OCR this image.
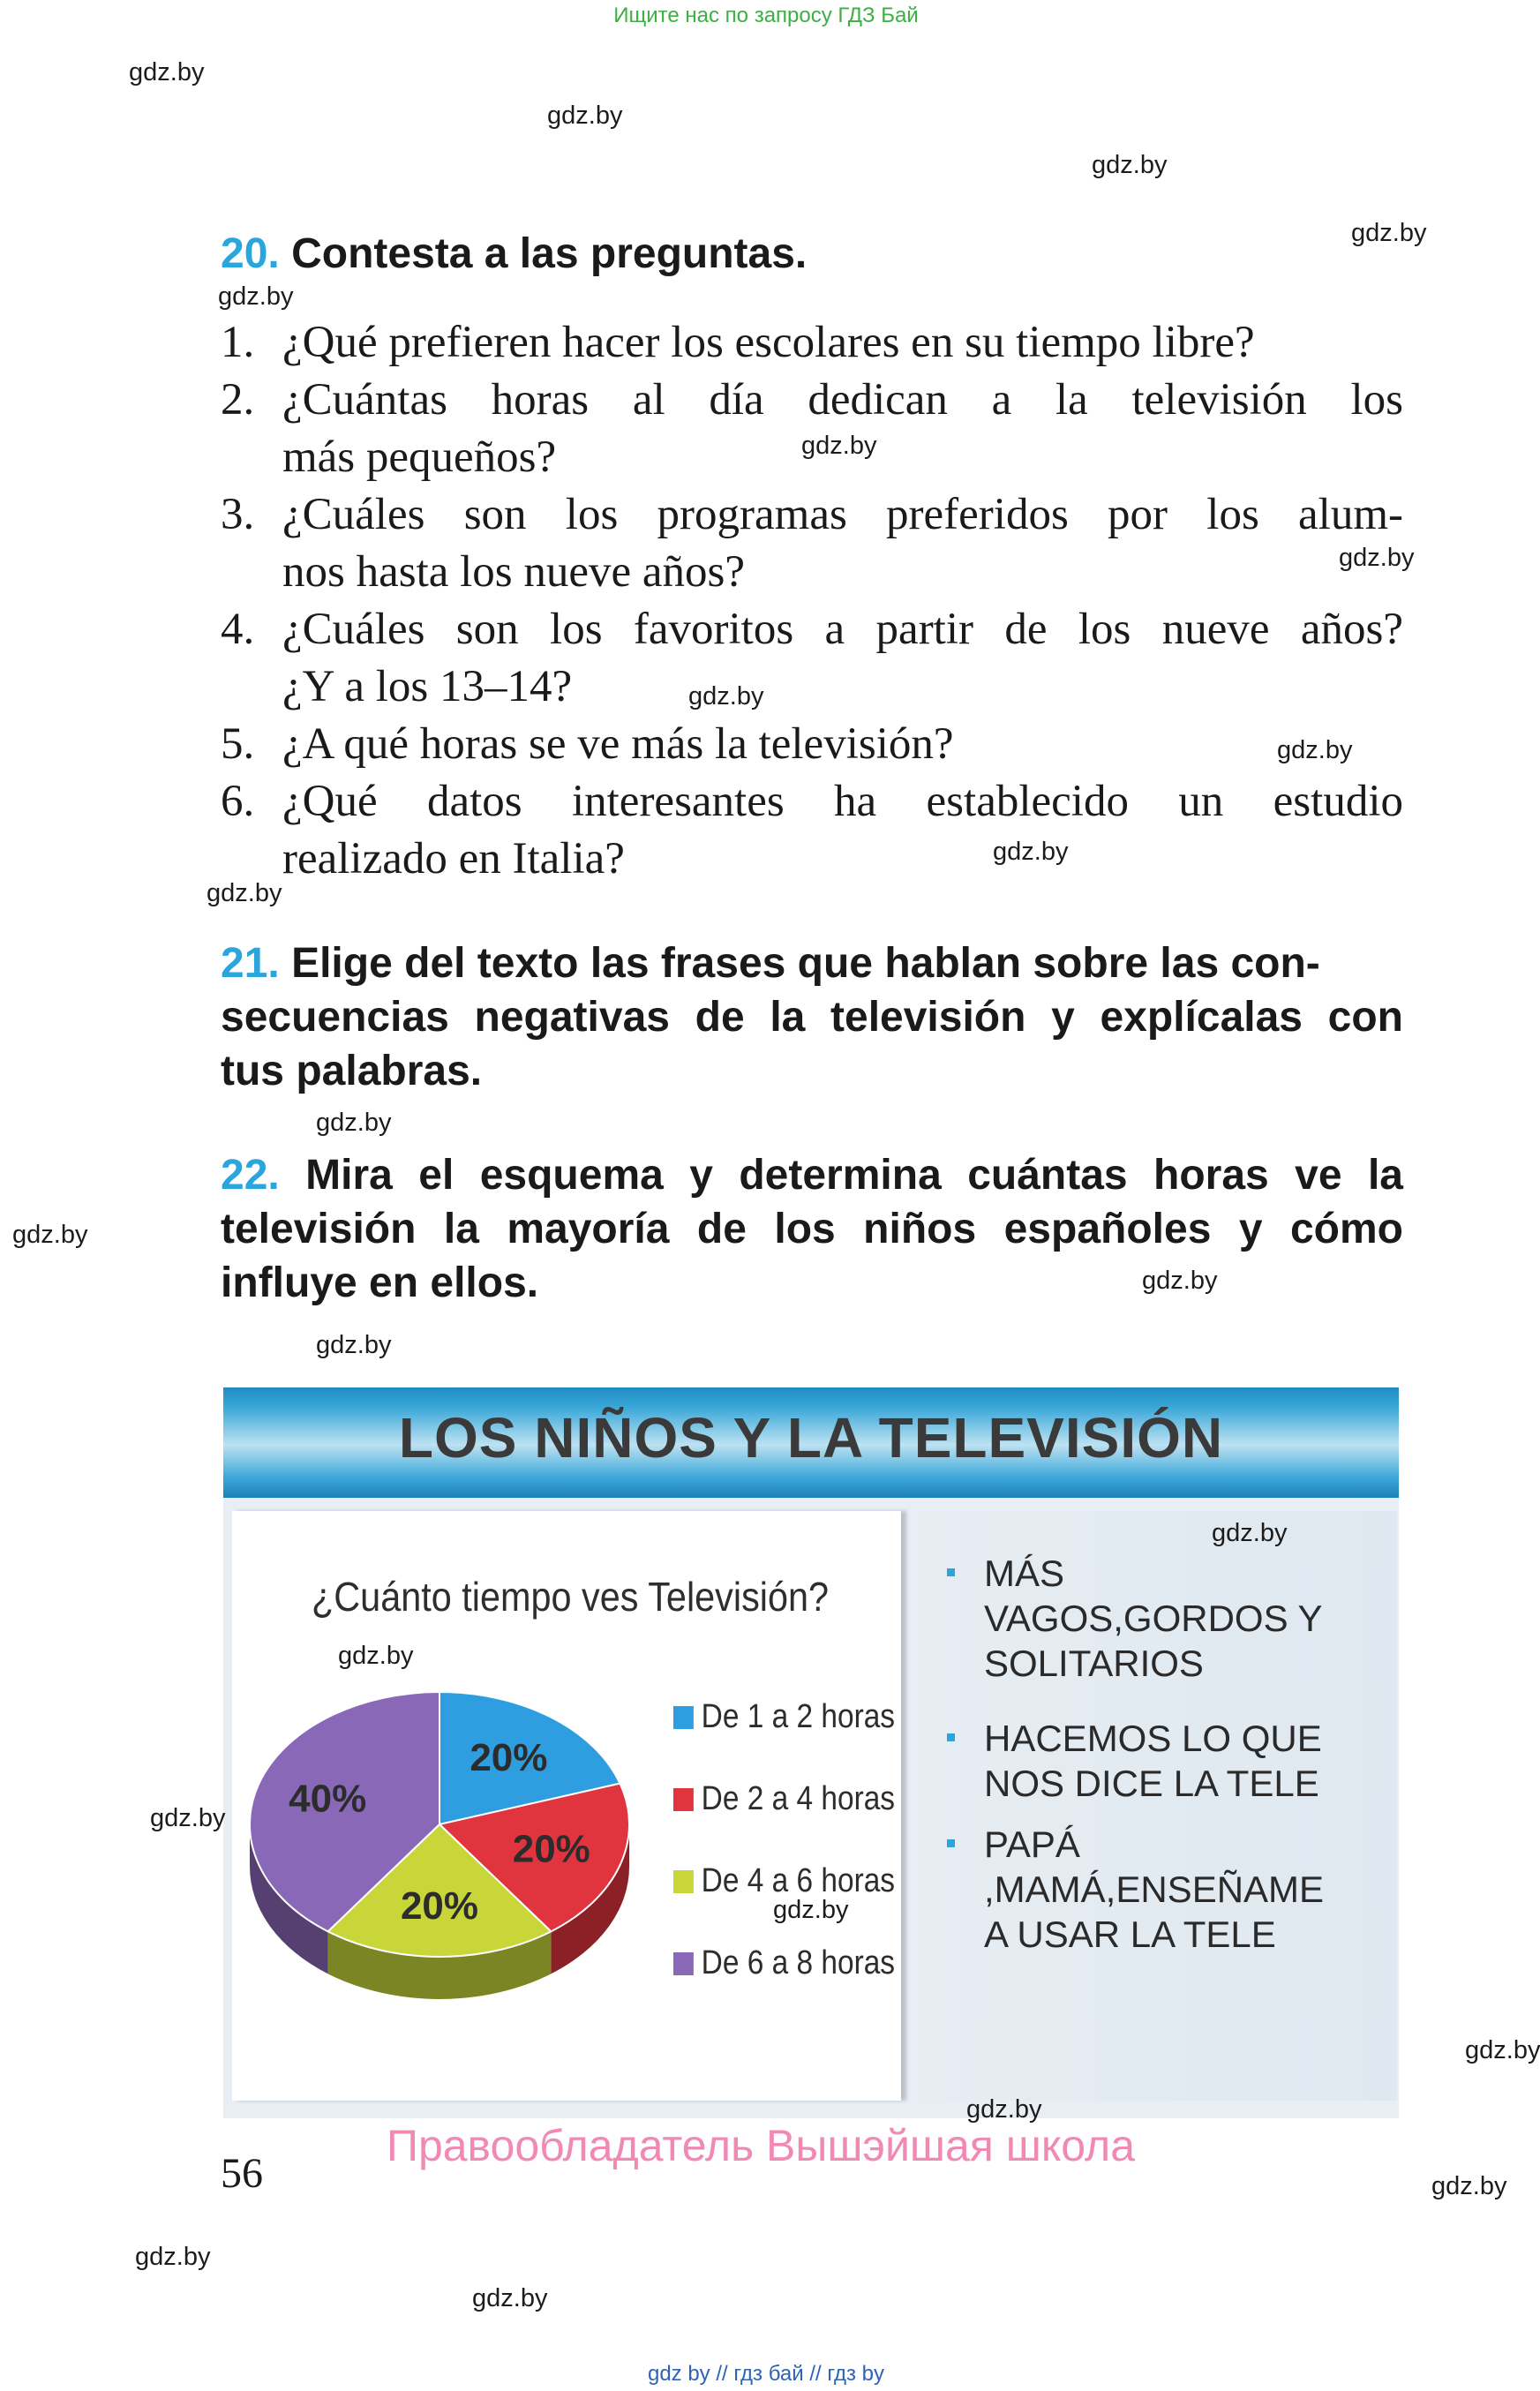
Ищите нас по запросу ГДЗ Бай
gdz.by
gdz.by
gdz.by
gdz.by
gdz.by
gdz.by
gdz.by
gdz.by
gdz.by
gdz.by
gdz.by
gdz.by
gdz.by
gdz.by
gdz.by
gdz.by
gdz.by
gdz.by
gdz.by
20. Contesta a las preguntas.
1. ¿Qué prefieren hacer los escolares en su tiempo libre?
2. ¿Cuántas horas al día dedican a la televisión los
más pequeños?
3. ¿Cuáles son los programas preferidos por los alum-
nos hasta los nueve años?
4. ¿Cuáles son los favoritos a partir de los nueve años?
¿Y a los 13–14?
5. ¿A qué horas se ve más la televisión?
6. ¿Qué datos interesantes ha establecido un estudio
realizado en Italia?
21. Elige del texto las frases que hablan sobre las con-
secuencias negativas de la televisión y explícalas con
tus palabras.
22. Mira el esquema y determina cuántas horas ve la
televisión la mayoría de los niños españoles y cómo
influye en ellos.
LOS NIÑOS Y LA TELEVISIÓN
¿Cuánto tiempo ves Televisión?
20%
20%
20%
40%
De 1 a 2 horas
De 2 a 4 horas
De 4 a 6 horas
De 6 a 8 horas
MÁS
VAGOS,GORDOS Y
SOLITARIOS
HACEMOS LO QUE
NOS DICE LA TELE
PAPÁ
,MAMÁ,ENSEÑAME
A USAR LA TELE
gdz.by
gdz.by
gdz.by
gdz.by
gdz.by
Правообладатель Вышэйшая школа
56
gdz by // гдз бай // гдз by
